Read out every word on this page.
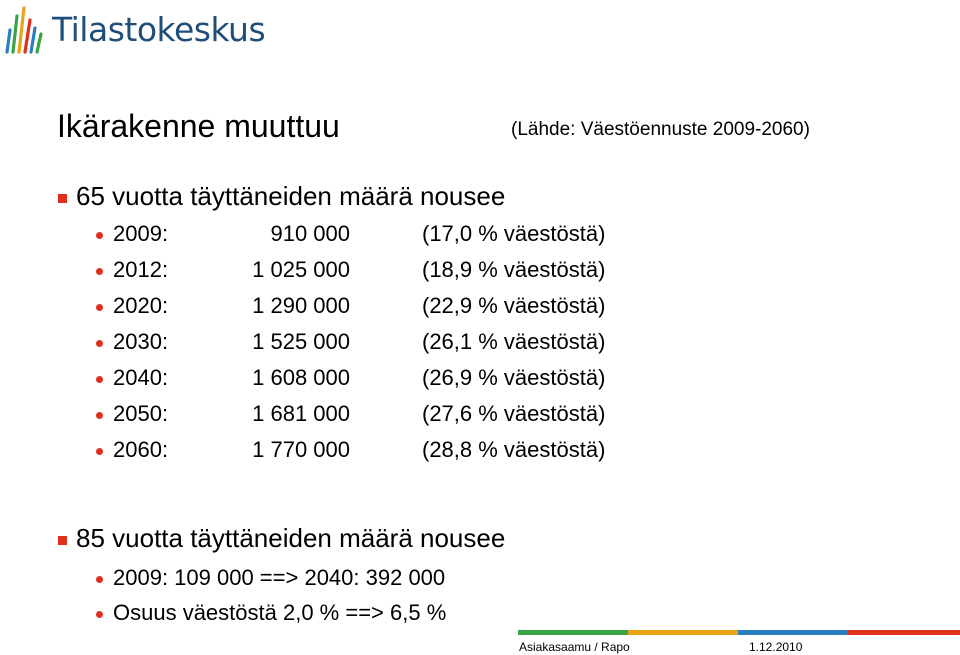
Tilastokeskus
Ikärakenne muuttuu	(Lähde: Väestöennuste 2009-2060)
65 vuotta täyttäneiden määrä nousee
2009:	910 000	(17,0 % väestöstä)
2012:	1 025 000	(18,9 % väestöstä)
2020:	1 290 000	(22,9 % väestöstä)
2030:	1 525 000	(26,1 % väestöstä)
2040:	1 608 000	(26,9 % väestöstä)
2050:	1 681 000	(27,6 % väestöstä)
2060:	1 770 000	(28,8 % väestöstä)
85 vuotta täyttäneiden määrä nousee
2009: 109 000 ==> 2040: 392 000
Osuus väestöstä 2,0 % ==> 6,5 %
Asiakasaamu / Rapo	1.12.2010
